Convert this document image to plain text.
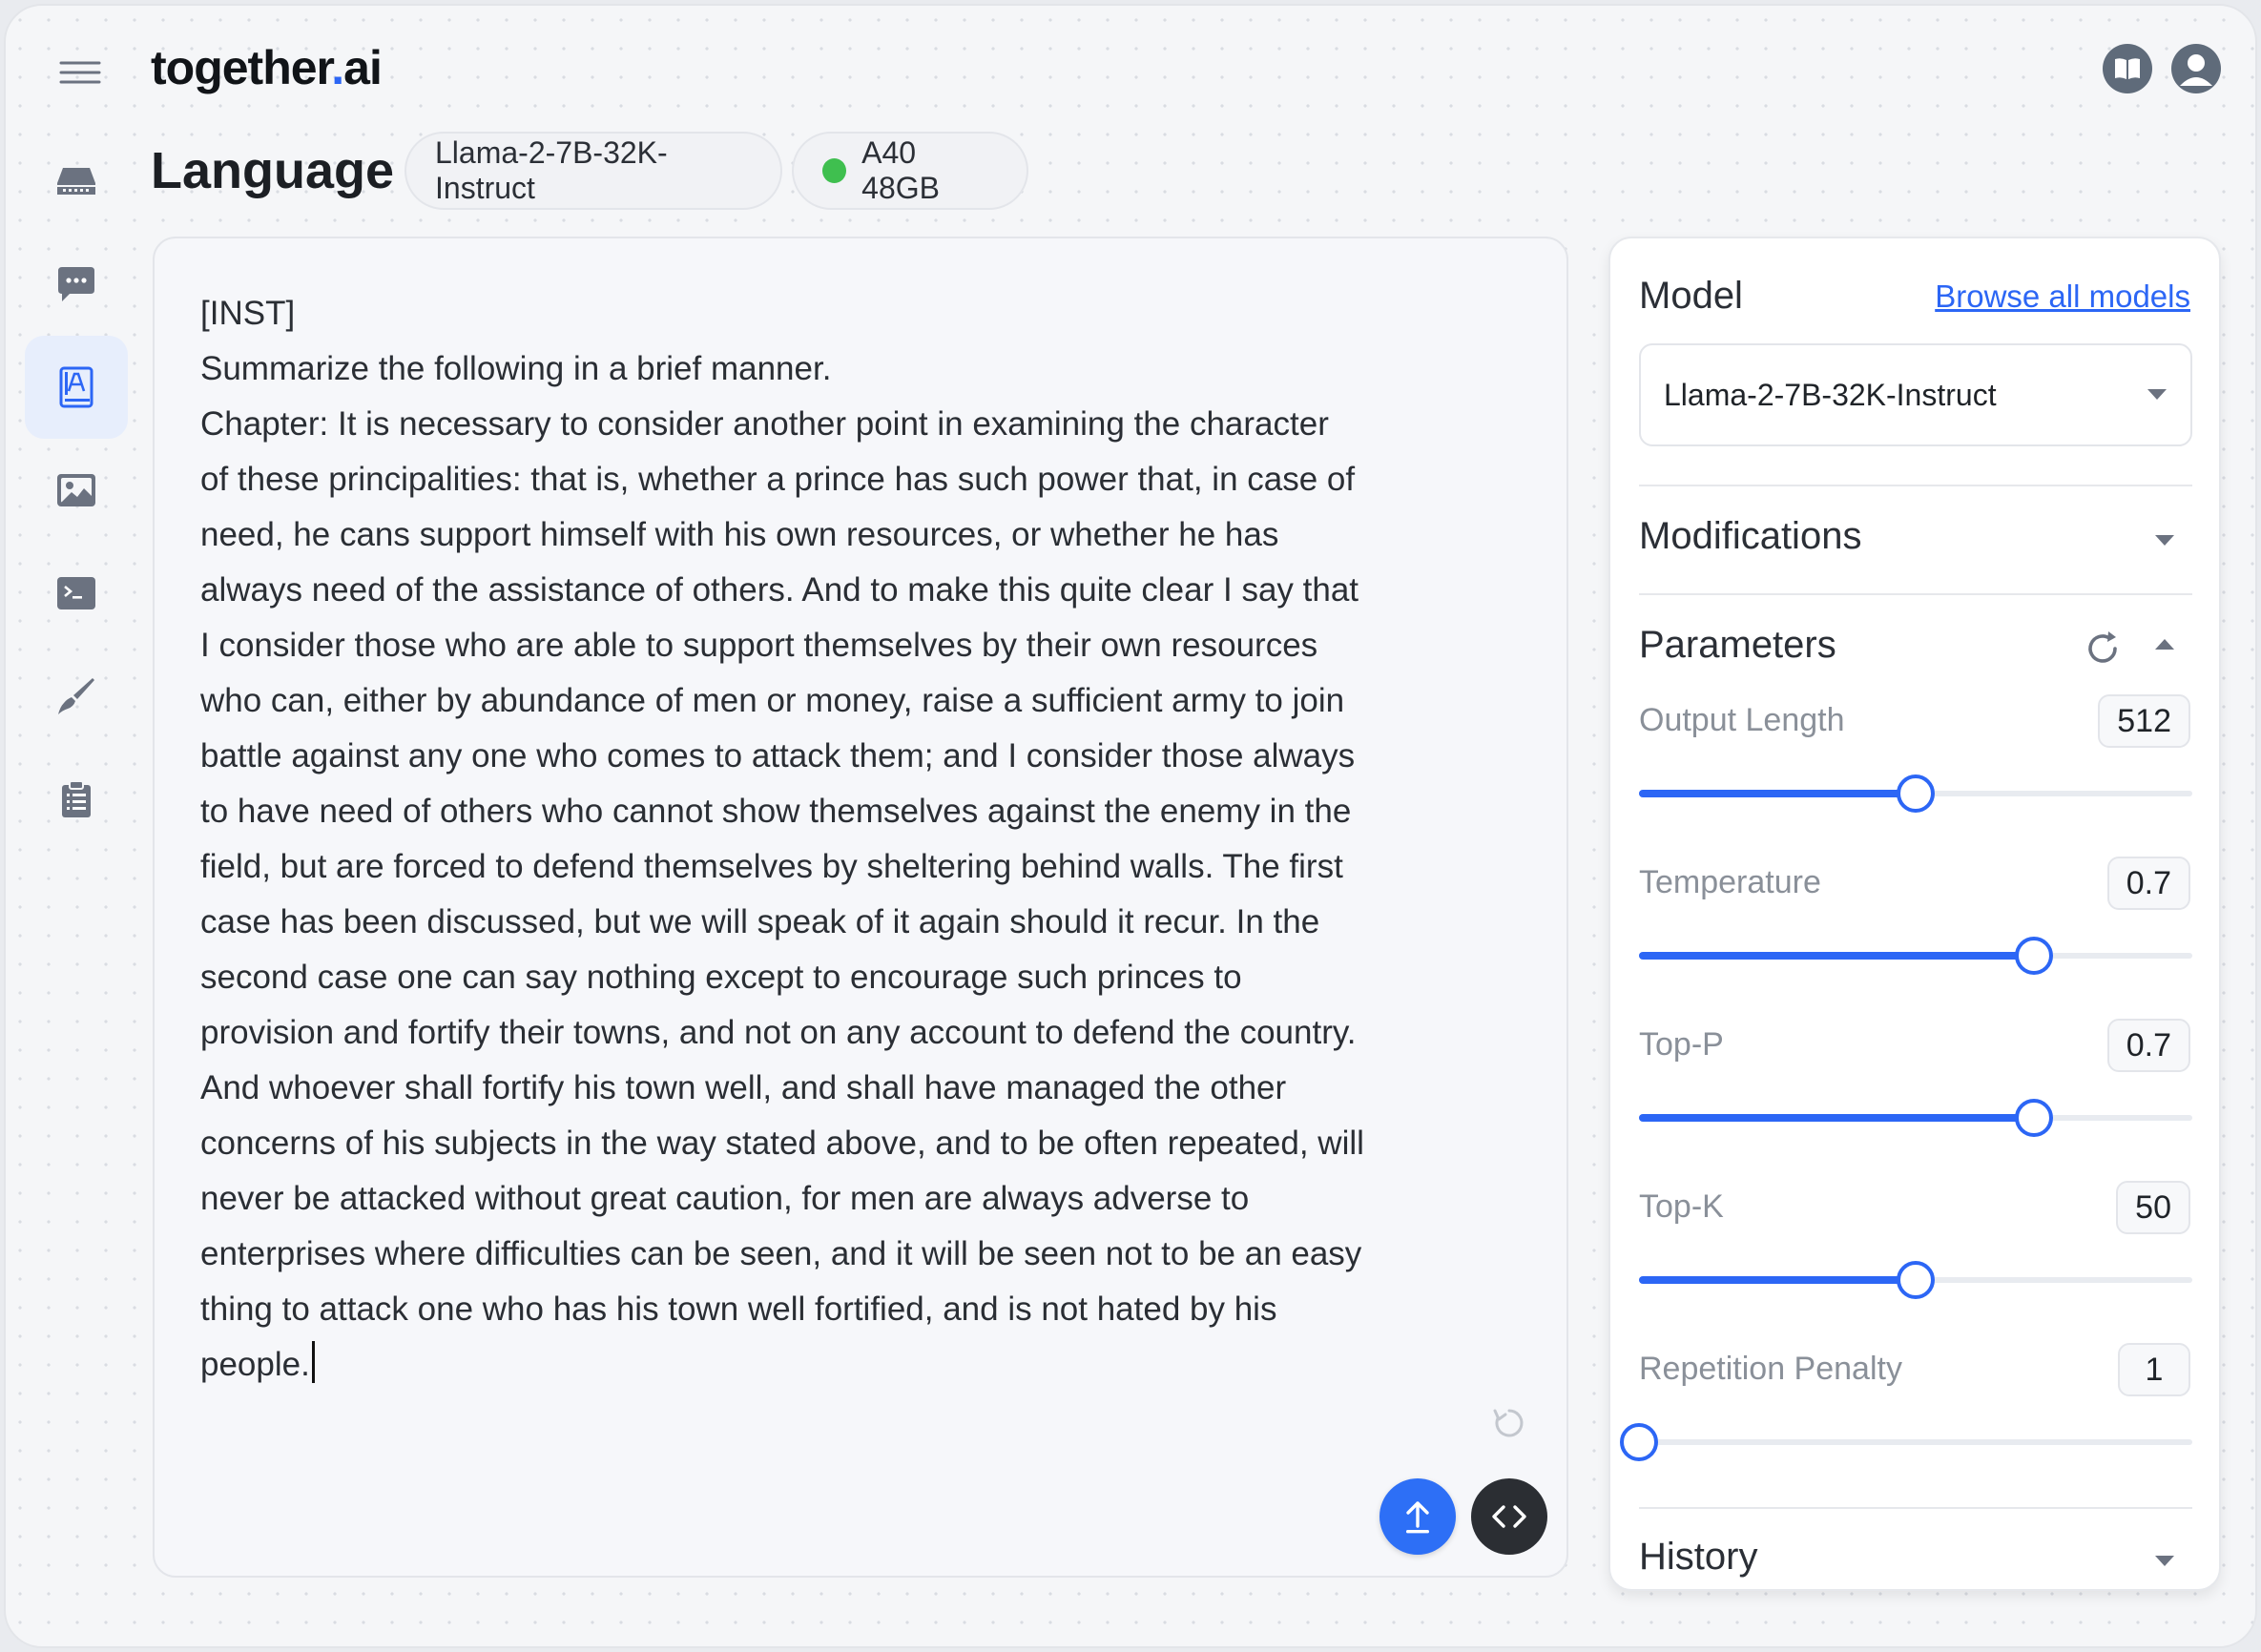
together.ai
Language Llama-2-7B-32K-Instruct
A40 48GB
[INST]
Summarize the following in a brief manner.
Chapter: It is necessary to consider another point in examining the character
of these principalities: that is, whether a prince has such power that, in case of
need, he cans support himself with his own resources, or whether he has
always need of the assistance of others. And to make this quite clear I say that
I consider those who are able to support themselves by their own resources
who can, either by abundance of men or money, raise a sufficient army to join
battle against any one who comes to attack them; and I consider those always
to have need of others who cannot show themselves against the enemy in the
field, but are forced to defend themselves by sheltering behind walls. The first
case has been discussed, but we will speak of it again should it recur. In the
second case one can say nothing except to encourage such princes to
provision and fortify their towns, and not on any account to defend the country.
And whoever shall fortify his town well, and shall have managed the other
concerns of his subjects in the way stated above, and to be often repeated, will
never be attacked without great caution, for men are always adverse to
enterprises where difficulties can be seen, and it will be seen not to be an easy
thing to attack one who has his town well fortified, and is not hated by his
people.
Model	Browse all models
Llama-2-7B-32K-Instruct
Modifications
Parameters
Output Length	512
Temperature	0.7
Top-P	0.7
Top-K	50
Repetition Penalty	1
History
